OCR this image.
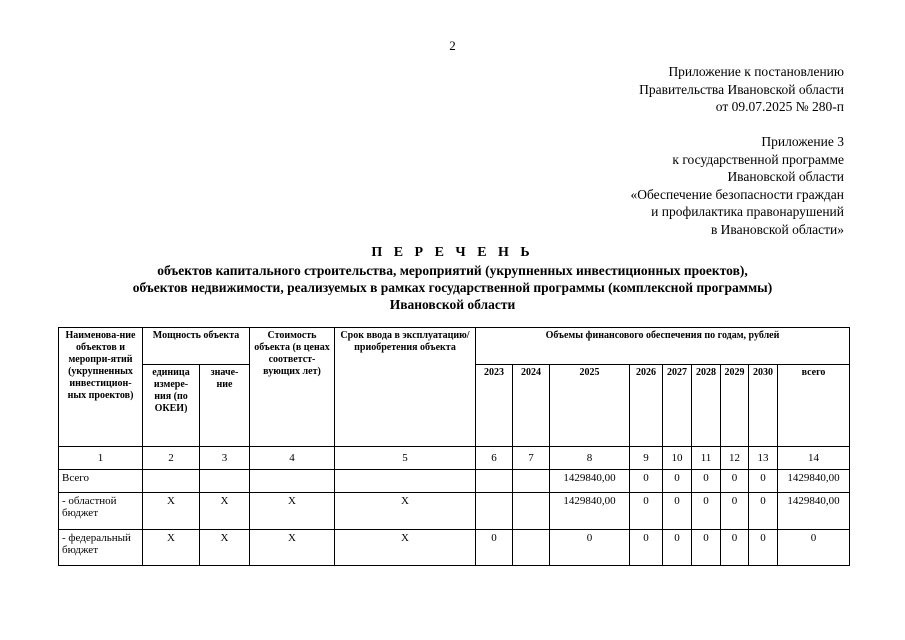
2
Приложение к постановлению
Правительства Ивановской области
от 09.07.2025 № 280-п
Приложение 3
к государственной программе
Ивановской области
«Обеспечение безопасности граждан
и профилактика правонарушений
в Ивановской области»
П Е Р Е Ч Е Н Ь
объектов капитального строительства, мероприятий (укрупненных инвестиционных проектов),
объектов недвижимости, реализуемых в рамках государственной программы (комплексной программы)
Ивановской области
Наименова-ние объектов и меропри-ятий (укрупненных инвестицион-ных проектов)	Мощность объекта		Стоимость объекта (в ценах соответст-вующих лет)	Срок ввода в эксплуатацию/ приобретения объекта	Объемы финансового обеспечения по годам, рублей								
	единица измере-ния (по ОКЕИ)	значе-ние			2023	2024	2025	2026	2027	2028	2029	2030	всего
1	2	3	4	5	6	7	8	9	10	11	12	13	14
Всего							1429840,00	0	0	0	0	0	1429840,00
- областной бюджет	X	X	X	X			1429840,00	0	0	0	0	0	1429840,00
- федеральный бюджет	X	X	X	X	0		0	0	0	0	0	0	0
